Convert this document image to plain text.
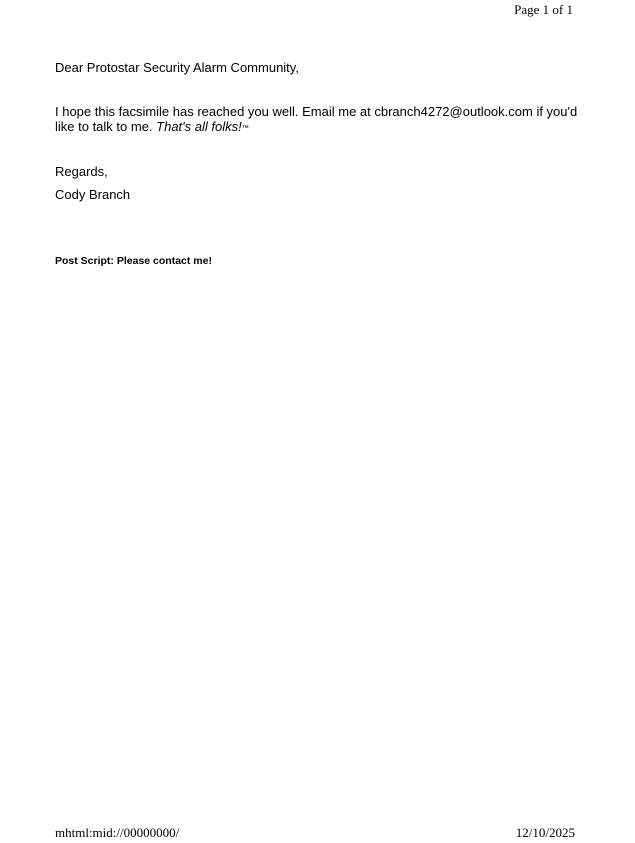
Page 1 of 1
Dear Protostar Security Alarm Community,
I hope this facsimile has reached you well. Email me at cbranch4272@outlook.com if you'd like to talk to me. That's all folks!™
Regards,
Cody Branch
Post Script: Please contact me!
mhtml:mid://00000000/	12/10/2025
